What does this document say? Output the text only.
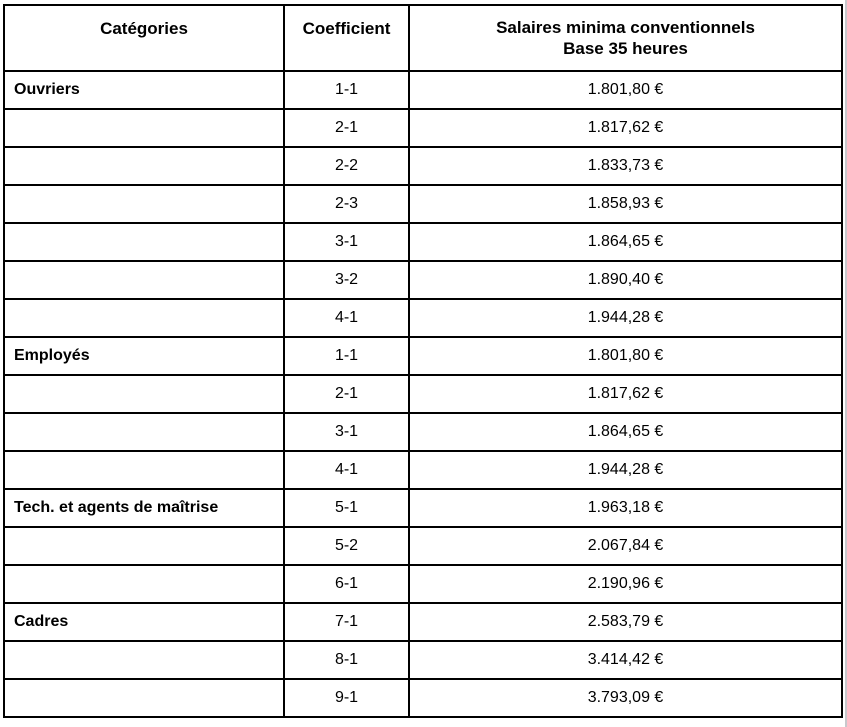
Catégories	Coefficient	Salaires minima conventionnels
Base 35 heures
Ouvriers	1-1	1.801,80 €
	2-1	1.817,62 €
	2-2	1.833,73 €
	2-3	1.858,93 €
	3-1	1.864,65 €
	3-2	1.890,40 €
	4-1	1.944,28 €
Employés	1-1	1.801,80 €
	2-1	1.817,62 €
	3-1	1.864,65 €
	4-1	1.944,28 €
Tech. et agents de maîtrise	5-1	1.963,18 €
	5-2	2.067,84 €
	6-1	2.190,96 €
Cadres	7-1	2.583,79 €
	8-1	3.414,42 €
	9-1	3.793,09 €
